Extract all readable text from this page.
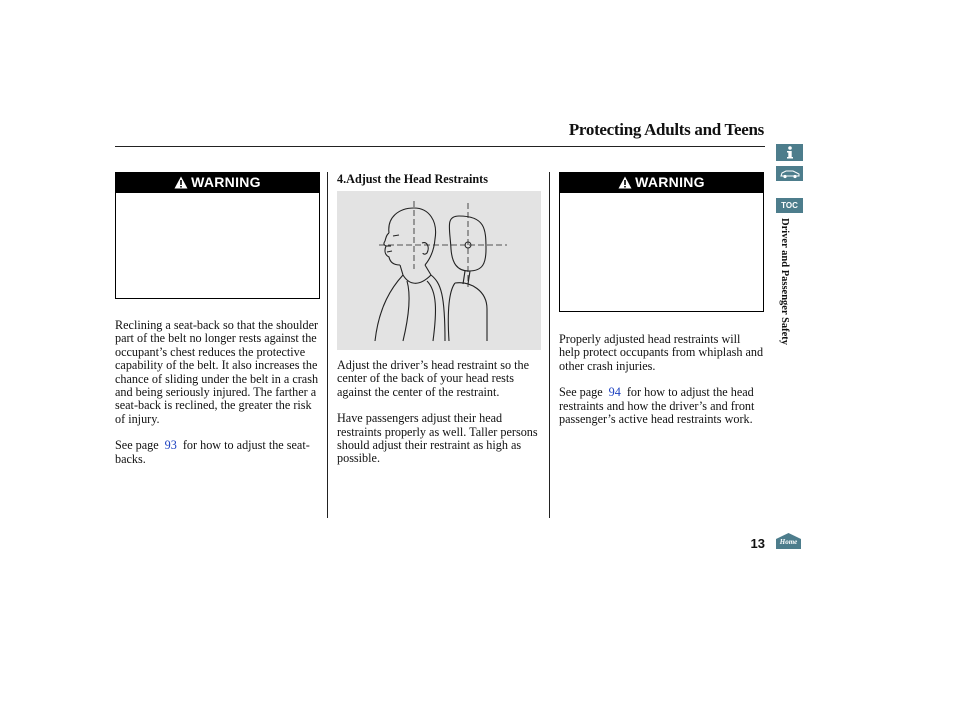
Protecting Adults and Teens
WARNING

Reclining a seat-back so that the shoulder part of the belt no longer rests against the occupant’s chest reduces the protective capability of the belt. It also increases the chance of sliding under the belt in a crash and being seriously injured. The farther a seat-back is reclined, the greater the risk of injury.

See page 93 for how to adjust the seat-backs.

4.Adjust the Head Restraints

Adjust the driver’s head restraint so the center of the back of your head rests against the center of the restraint.

Have passengers adjust their head restraints properly as well. Taller persons should adjust their restraint as high as possible.

WARNING

Properly adjusted head restraints will help protect occupants from whiplash and other crash injuries.

See page 94 for how to adjust the head restraints and how the driver’s and front passenger’s active head restraints work.

TOC
Driver and Passenger Safety
13	Home
